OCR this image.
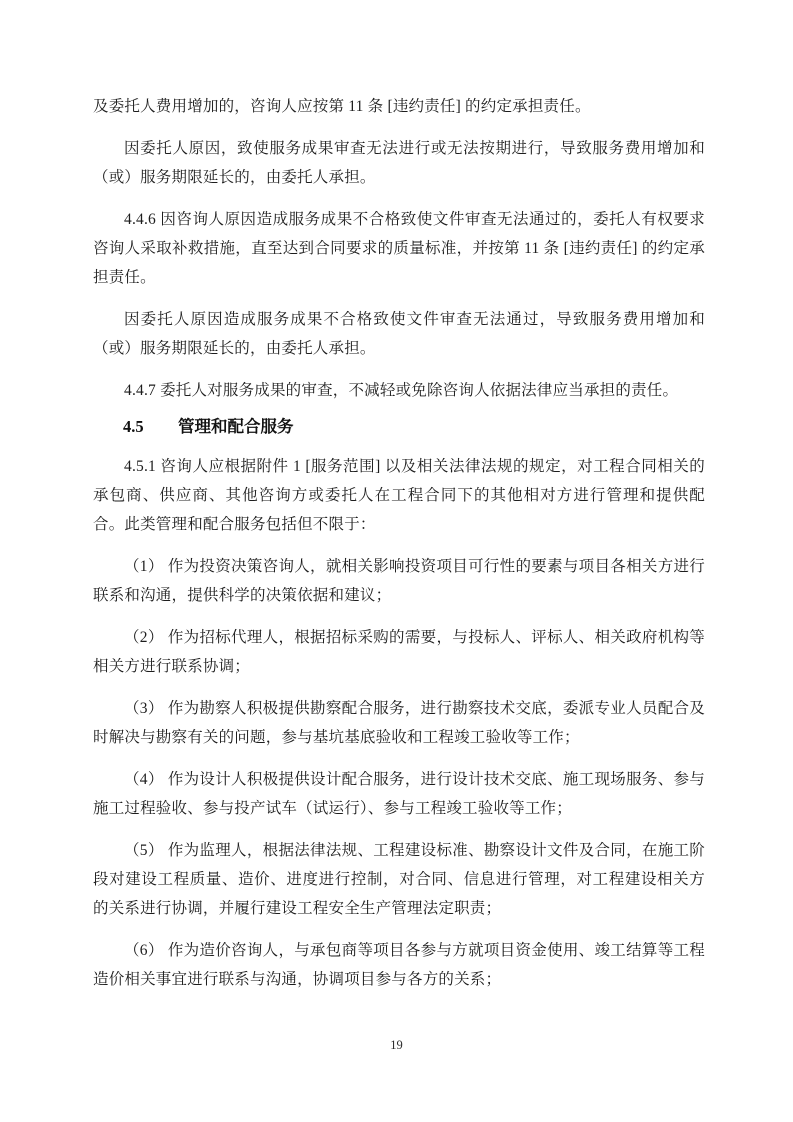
及委托人费用增加的，咨询人应按第 11 条 [违约责任] 的约定承担责任。

因委托人原因，致使服务成果审查无法进行或无法按期进行，导致服务费用增加和（或）服务期限延长的，由委托人承担。

4.4.6 因咨询人原因造成服务成果不合格致使文件审查无法通过的，委托人有权要求咨询人采取补救措施，直至达到合同要求的质量标准，并按第 11 条 [违约责任] 的约定承担责任。

因委托人原因造成服务成果不合格致使文件审查无法通过，导致服务费用增加和（或）服务期限延长的，由委托人承担。

4.4.7 委托人对服务成果的审查，不减轻或免除咨询人依据法律应当承担的责任。

4.5 管理和配合服务

4.5.1 咨询人应根据附件 1 [服务范围] 以及相关法律法规的规定，对工程合同相关的承包商、供应商、其他咨询方或委托人在工程合同下的其他相对方进行管理和提供配合。此类管理和配合服务包括但不限于：

（1） 作为投资决策咨询人，就相关影响投资项目可行性的要素与项目各相关方进行联系和沟通，提供科学的决策依据和建议；

（2） 作为招标代理人，根据招标采购的需要，与投标人、评标人、相关政府机构等相关方进行联系协调；

（3） 作为勘察人积极提供勘察配合服务，进行勘察技术交底，委派专业人员配合及时解决与勘察有关的问题，参与基坑基底验收和工程竣工验收等工作；

（4） 作为设计人积极提供设计配合服务，进行设计技术交底、施工现场服务、参与施工过程验收、参与投产试车（试运行）、参与工程竣工验收等工作；

（5） 作为监理人，根据法律法规、工程建设标准、勘察设计文件及合同，在施工阶段对建设工程质量、造价、进度进行控制，对合同、信息进行管理，对工程建设相关方的关系进行协调，并履行建设工程安全生产管理法定职责；

（6） 作为造价咨询人，与承包商等项目各参与方就项目资金使用、竣工结算等工程造价相关事宜进行联系与沟通，协调项目参与各方的关系；

19
